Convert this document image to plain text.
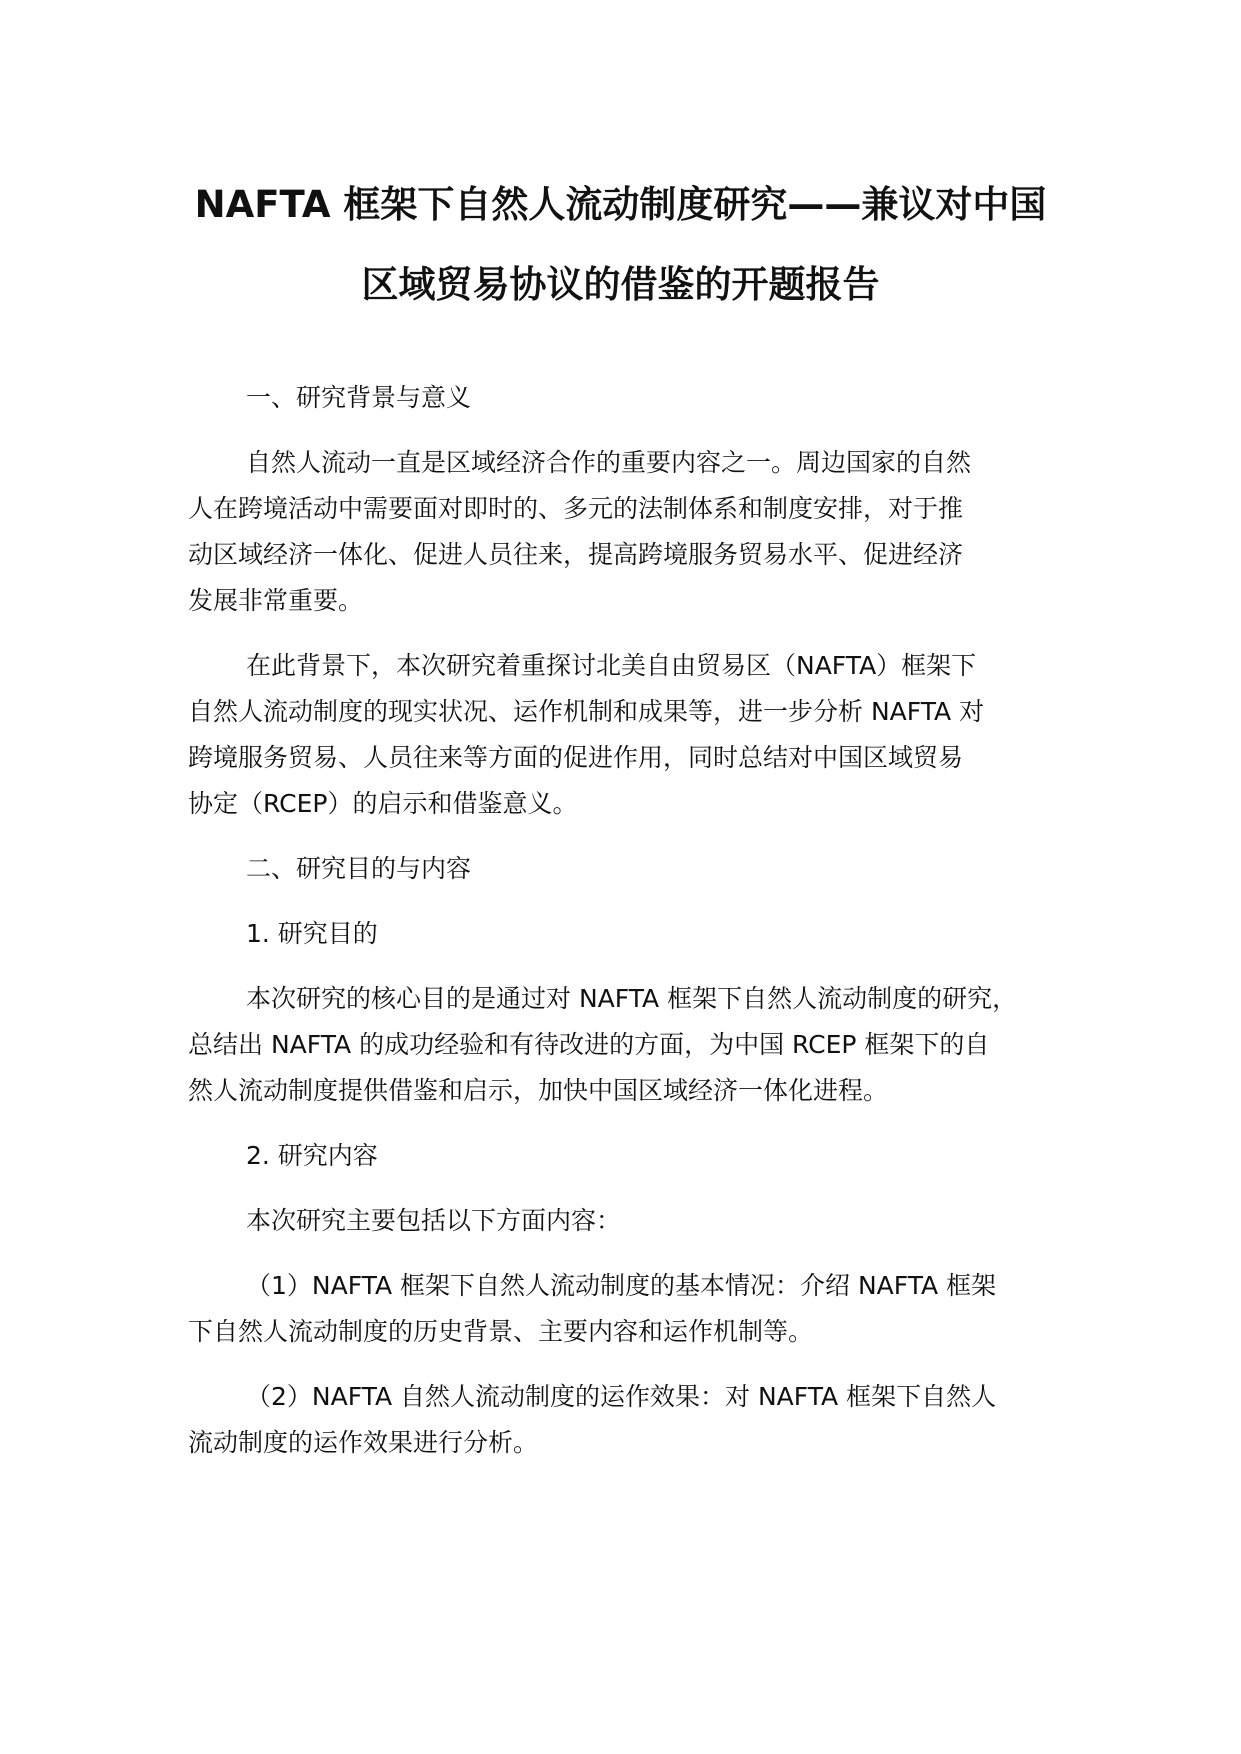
NAFTA 框架下自然人流动制度研究——兼议对中国
区域贸易协议的借鉴的开题报告
一、研究背景与意义
自然人流动一直是区域经济合作的重要内容之一。周边国家的自然
人在跨境活动中需要面对即时的、多元的法制体系和制度安排，对于推
动区域经济一体化、促进人员往来，提高跨境服务贸易水平、促进经济
发展非常重要。
在此背景下，本次研究着重探讨北美自由贸易区（NAFTA）框架下
自然人流动制度的现实状况、运作机制和成果等，进一步分析 NAFTA 对
跨境服务贸易、人员往来等方面的促进作用，同时总结对中国区域贸易
协定（RCEP）的启示和借鉴意义。
二、研究目的与内容
1. 研究目的
本次研究的核心目的是通过对 NAFTA 框架下自然人流动制度的研究，
总结出 NAFTA 的成功经验和有待改进的方面，为中国 RCEP 框架下的自
然人流动制度提供借鉴和启示，加快中国区域经济一体化进程。
2. 研究内容
本次研究主要包括以下方面内容：
（1）NAFTA 框架下自然人流动制度的基本情况：介绍 NAFTA 框架
下自然人流动制度的历史背景、主要内容和运作机制等。
（2）NAFTA 自然人流动制度的运作效果：对 NAFTA 框架下自然人
流动制度的运作效果进行分析。
